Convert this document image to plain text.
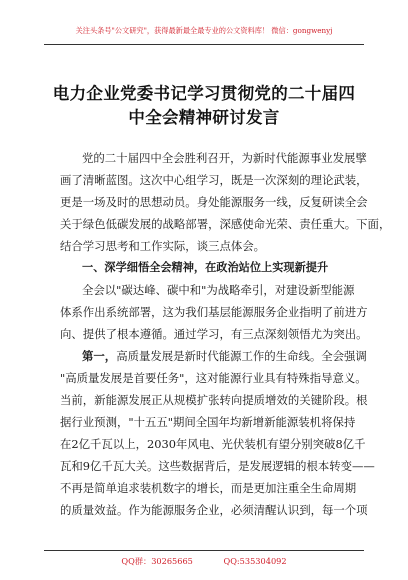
关注头条号"公文研究"，获得最新最全最专业的公文资料库！ 微信：gongwenyj
电力企业党委书记学习贯彻党的二十届四
中全会精神研讨发言
党的二十届四中全会胜利召开，为新时代能源事业发展擘
画了清晰蓝图。这次中心组学习，既是一次深刻的理论武装，
更是一场及时的思想动员。身处能源服务一线，反复研读全会
关于绿色低碳发展的战略部署，深感使命光荣、责任重大。下面，
结合学习思考和工作实际，谈三点体会。
一、深学细悟全会精神，在政治站位上实现新提升
全会以"碳达峰、碳中和"为战略牵引，对建设新型能源
体系作出系统部署，这为我们基层能源服务企业指明了前进方
向、提供了根本遵循。通过学习，有三点深刻领悟尤为突出。
第一，高质量发展是新时代能源工作的生命线。全会强调
"高质量发展是首要任务"，这对能源行业具有特殊指导意义。
当前，新能源发展正从规模扩张转向提质增效的关键阶段。根
据行业预测，"十五五"期间全国年均新增新能源装机将保持
在2亿千瓦以上，2030年风电、光伏装机有望分别突破8亿千
瓦和9亿千瓦大关。这些数据背后，是发展逻辑的根本转变——
不再是简单追求装机数字的增长，而是更加注重全生命周期
的质量效益。作为能源服务企业，必须清醒认识到，每一个项
QQ群：30265665	QQ:535304092
